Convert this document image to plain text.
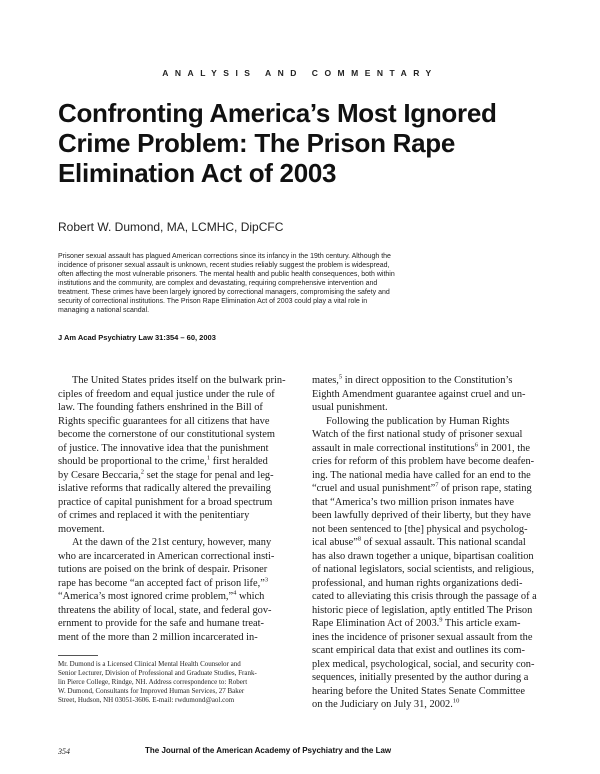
ANALYSIS AND COMMENTARY
Confronting America’s Most Ignored
Crime Problem: The Prison Rape
Elimination Act of 2003
Robert W. Dumond, MA, LCMHC, DipCFC
Prisoner sexual assault has plagued American corrections since its infancy in the 19th century. Although the
incidence of prisoner sexual assault is unknown, recent studies reliably suggest the problem is widespread,
often affecting the most vulnerable prisoners. The mental health and public health consequences, both within
institutions and the community, are complex and devastating, requiring comprehensive intervention and
treatment. These crimes have been largely ignored by correctional managers, compromising the safety and
security of correctional institutions. The Prison Rape Elimination Act of 2003 could play a vital role in
managing a national scandal.
J Am Acad Psychiatry Law 31:354 – 60, 2003
The United States prides itself on the bulwark prin-
ciples of freedom and equal justice under the rule of
law. The founding fathers enshrined in the Bill of
Rights specific guarantees for all citizens that have
become the cornerstone of our constitutional system
of justice. The innovative idea that the punishment
should be proportional to the crime,$^1$ first heralded
by Cesare Beccaria,$^2$ set the stage for penal and leg-
islative reforms that radically altered the prevailing
practice of capital punishment for a broad spectrum
of crimes and replaced it with the penitentiary
movement.
At the dawn of the 21st century, however, many
who are incarcerated in American correctional insti-
tutions are poised on the brink of despair. Prisoner
rape has become “an accepted fact of prison life,”$^3$
“America’s most ignored crime problem,”$^4$ which
threatens the ability of local, state, and federal gov-
ernment to provide for the safe and humane treat-
ment of the more than 2 million incarcerated in-
mates,$^5$ in direct opposition to the Constitution’s
Eighth Amendment guarantee against cruel and un-
usual punishment.
Following the publication by Human Rights
Watch of the first national study of prisoner sexual
assault in male correctional institutions$^6$ in 2001, the
cries for reform of this problem have become deafen-
ing. The national media have called for an end to the
“cruel and usual punishment”$^7$ of prison rape, stating
that “America’s two million prison inmates have
been lawfully deprived of their liberty, but they have
not been sentenced to [the] physical and psycholog-
ical abuse”$^8$ of sexual assault. This national scandal
has also drawn together a unique, bipartisan coalition
of national legislators, social scientists, and religious,
professional, and human rights organizations dedi-
cated to alleviating this crisis through the passage of a
historic piece of legislation, aptly entitled The Prison
Rape Elimination Act of 2003.$^9$ This article exam-
ines the incidence of prisoner sexual assault from the
scant empirical data that exist and outlines its com-
plex medical, psychological, social, and security con-
sequences, initially presented by the author during a
hearing before the United States Senate Committee
on the Judiciary on July 31, 2002.10
Mr. Dumond is a Licensed Clinical Mental Health Counselor and
Senior Lecturer, Division of Professional and Graduate Studies, Frank-
lin Pierce College, Rindge, NH. Address correspondence to: Robert
W. Dumond, Consultants for Improved Human Services, 27 Baker
Street, Hudson, NH 03051-3606. E-mail: rwdumond@aol.com
354	The Journal of the American Academy of Psychiatry and the Law
